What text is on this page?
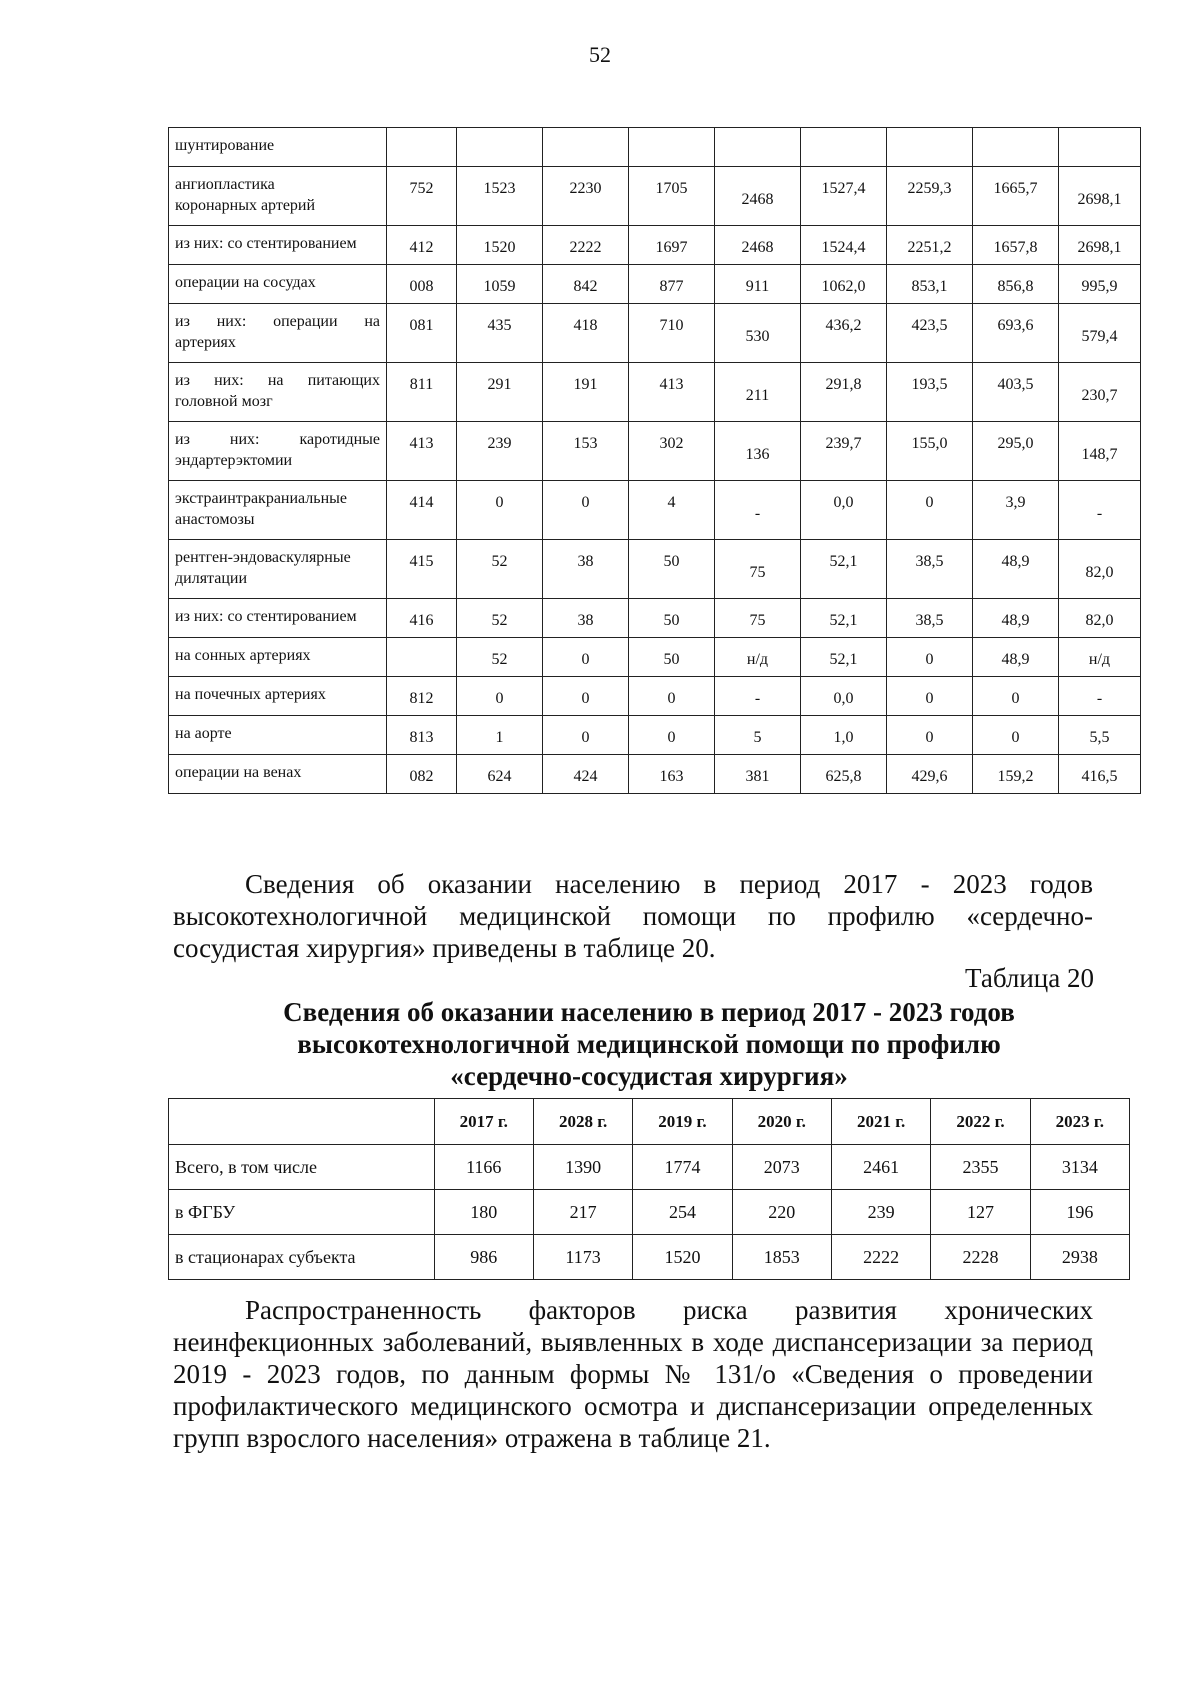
52
шунтирование									

ангиопластика
коронарных артерий	752	1523	2230	1705	2468	1527,4	2259,3	1665,7	2698,1
из них: со стентированием	412	1520	2222	1697	2468	1524,4	2251,2	1657,8	2698,1
операции на сосудах	008	1059	842	877	911	1062,0	853,1	856,8	995,9

из них: операции на
артериях	081	435	418	710	530	436,2	423,5	693,6	579,4

из них: на питающих
головной мозг	811	291	191	413	211	291,8	193,5	403,5	230,7

из них: каротидные
эндартерэктомии	413	239	153	302	136	239,7	155,0	295,0	148,7

экстраинтракраниальные
анастомозы	414	0	0	4	-	0,0	0	3,9	-

рентген-эндоваскулярные
дилятации	415	52	38	50	75	52,1	38,5	48,9	82,0
из них: со стентированием	416	52	38	50	75	52,1	38,5	48,9	82,0
на сонных артериях		52	0	50	н/д	52,1	0	48,9	н/д
на почечных артериях	812	0	0	0	-	0,0	0	0	-
на аорте	813	1	0	0	5	1,0	0	0	5,5
операции на венах	082	624	424	163	381	625,8	429,6	159,2	416,5
Сведения об оказании населению в период 2017 - 2023 годов высокотехнологичной медицинской помощи по профилю «сердечно-сосудистая хирургия» приведены в таблице 20.
Таблица 20
Сведения об оказании населению в период 2017 - 2023 годов
высокотехнологичной медицинской помощи по профилю
«сердечно-сосудистая хирургия»
	2017 г.	2028 г.	2019 г.	2020 г.	2021 г.	2022 г.	2023 г.
Всего, в том числе	1166	1390	1774	2073	2461	2355	3134
в ФГБУ	180	217	254	220	239	127	196
в стационарах субъекта	986	1173	1520	1853	2222	2228	2938
Распространенность факторов риска развития хронических неинфекционных заболеваний, выявленных в ходе диспансеризации за период 2019 - 2023 годов, по данным формы № 131/о «Сведения о проведении профилактического медицинского осмотра и диспансеризации определенных групп взрослого населения» отражена в таблице 21.
